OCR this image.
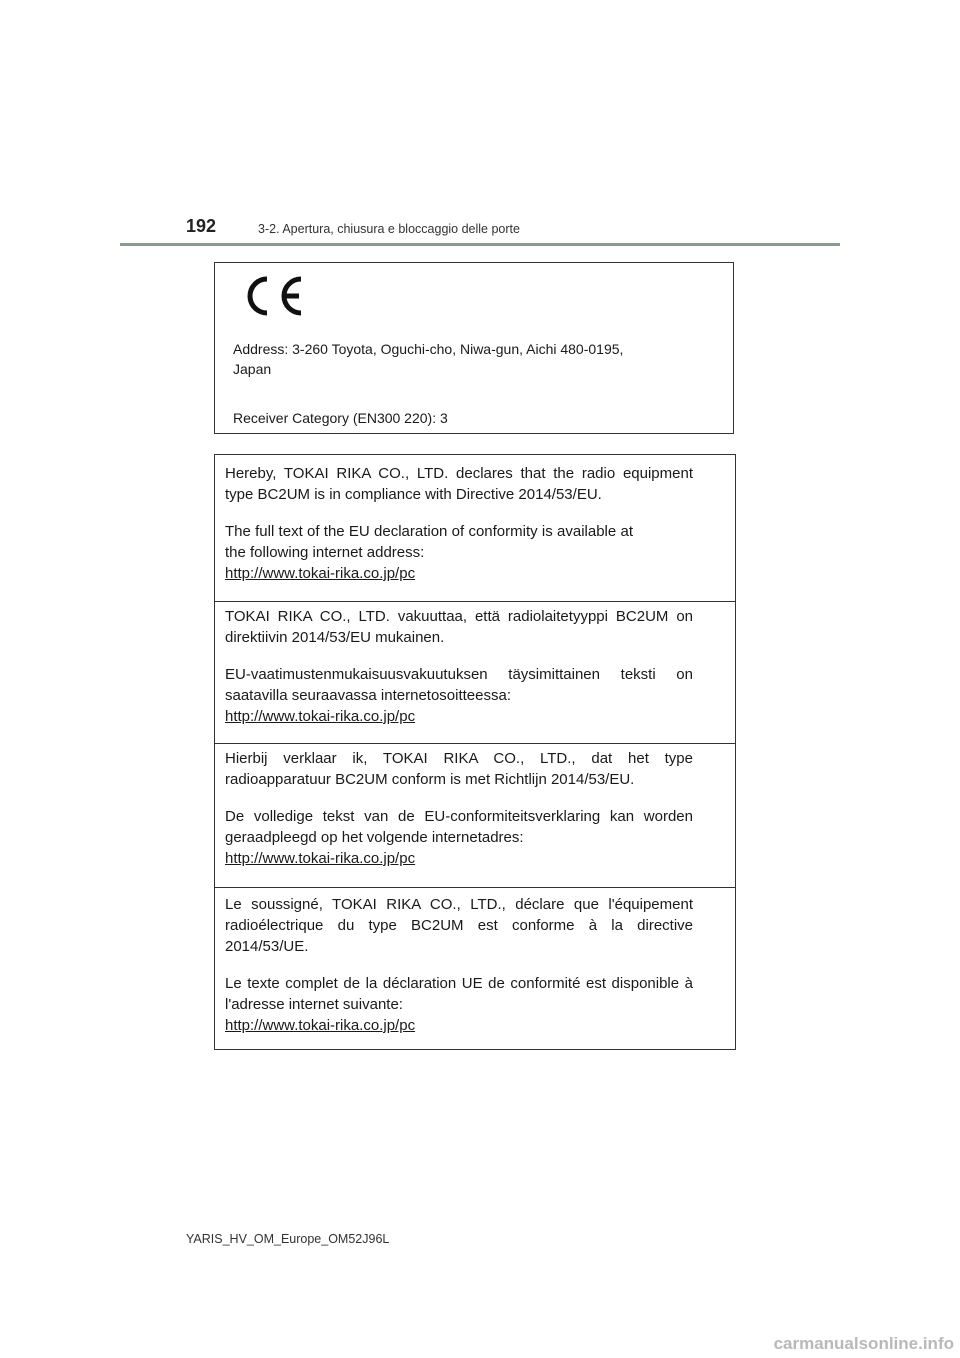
192	3-2. Apertura, chiusura e bloccaggio delle porte
Address: 3-260 Toyota, Oguchi-cho, Niwa-gun, Aichi 480-0195,
Japan
Receiver Category (EN300 220): 3

Hereby, TOKAI RIKA CO., LTD. declares that the radio equipment type BC2UM is in compliance with Directive 2014/53/EU.

The full text of the EU declaration of conformity is available at the following internet address:

http://www.tokai-rika.co.jp/pc

TOKAI RIKA CO., LTD. vakuuttaa, että radiolaitetyyppi BC2UM on direktiivin 2014/53/EU mukainen.

EU-vaatimustenmukaisuusvakuutuksen täysimittainen teksti on saatavilla seuraavassa internetosoitteessa:

http://www.tokai-rika.co.jp/pc

Hierbij verklaar ik, TOKAI RIKA CO., LTD., dat het type radioapparatuur BC2UM conform is met Richtlijn 2014/53/EU.

De volledige tekst van de EU-conformiteitsverklaring kan worden geraadpleegd op het volgende internetadres:

http://www.tokai-rika.co.jp/pc

Le soussigné, TOKAI RIKA CO., LTD., déclare que l'équipement radioélectrique du type BC2UM est conforme à la directive 2014/53/UE.

Le texte complet de la déclaration UE de conformité est disponible à l'adresse internet suivante:

http://www.tokai-rika.co.jp/pc
YARIS_HV_OM_Europe_OM52J96L
carmanualsonline.info
